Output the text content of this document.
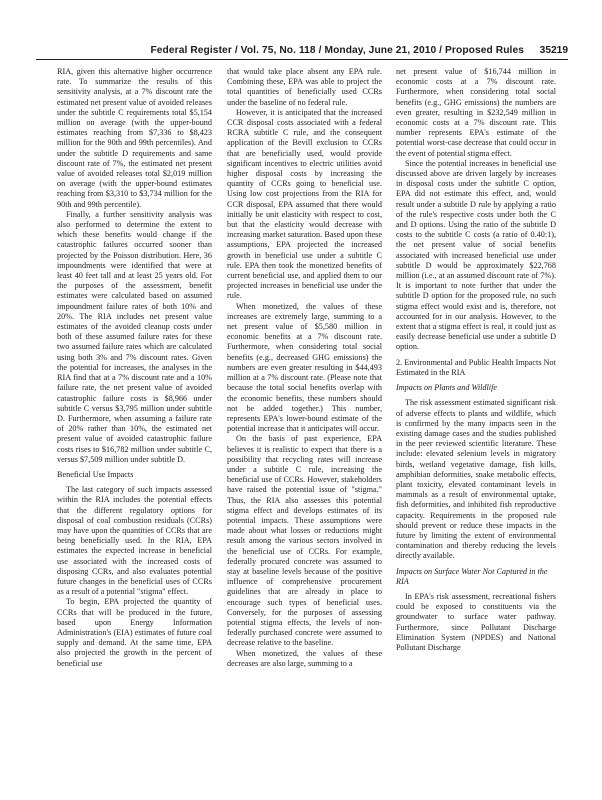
Federal Register / Vol. 75, No. 118 / Monday, June 21, 2010 / Proposed Rules 35219

RIA, given this alternative higher occurrence rate. To summarize the results of this sensitivity analysis, at a 7% discount rate the estimated net present value of avoided releases under the subtitle C requirements total $5,154 million on average (with the upper-bound estimates reaching from $7,336 to $8,423 million for the 90th and 99th percentiles). And under the subtitle D requirements and same discount rate of 7%, the estimated net present value of avoided releases total $2,019 million on average (with the upper-bound estimates reaching from $3,310 to $3,734 million for the 90th and 99th percentile).

Finally, a further sensitivity analysis was also performed to determine the extent to which these benefits would change if the catastrophic failures occurred sooner than projected by the Poisson distribution. Here, 36 impoundments were identified that were at least 40 feet tall and at least 25 years old. For the purposes of the assessment, benefit estimates were calculated based on assumed impoundment failure rates of both 10% and 20%. The RIA includes net present value estimates of the avoided cleanup costs under both of these assumed failure rates for these two assumed failure rates which are calculated using both 3% and 7% discount rates. Given the potential for increases, the analyses in the RIA find that at a 7% discount rate and a 10% failure rate, the net present value of avoided catastrophic failure costs is $8,966 under subtitle C versus $3,795 million under subtitle D. Furthermore, when assuming a failure rate of 20% rather than 10%, the estimated net present value of avoided catastrophic failure costs rises to $16,782 million under subtitle C, versus $7,509 million under subtitle D.

Beneficial Use Impacts

The last category of such impacts assessed within the RIA includes the potential effects that the different regulatory options for disposal of coal combustion residuals (CCRs) may have upon the quantities of CCRs that are being beneficially used. In the RIA, EPA estimates the expected increase in beneficial use associated with the increased costs of disposing CCRs, and also evaluates potential future changes in the beneficial uses of CCRs as a result of a potential "stigma" effect.

To begin, EPA projected the quantity of CCRs that will be produced in the future, based upon Energy Information Administration's (EIA) estimates of future coal supply and demand. At the same time, EPA also projected the growth in the percent of beneficial use

that would take place absent any EPA rule. Combining these, EPA was able to project the total quantities of beneficially used CCRs under the baseline of no federal rule.

However, it is anticipated that the increased CCR disposal costs associated with a federal RCRA subtitle C rule, and the consequent application of the Bevill exclusion to CCRs that are beneficially used, would provide significant incentives to electric utilities avoid higher disposal costs by increasing the quantity of CCRs going to beneficial use. Using low cost projections from the RIA for CCR disposal, EPA assumed that there would initially be unit elasticity with respect to cost, but that the elasticity would decrease with increasing market saturation. Based upon these assumptions, EPA projected the increased growth in beneficial use under a subtitle C rule. EPA then took the monetized benefits of current beneficial use, and applied them to our projected increases in beneficial use under the rule.

When monetized, the values of these increases are extremely large, summing to a net present value of $5,580 million in economic benefits at a 7% discount rate. Furthermore, when considering total social benefits (e.g., decreased GHG emissions) the numbers are even greater resulting in $44,493 million at a 7% discount rate. (Please note that because the total social benefits overlap with the economic benefits, these numbers should not be added together.) This number, represents EPA's lower-bound estimate of the potential increase that it anticipates will occur.

On the basis of past experience, EPA believes it is realistic to expect that there is a possibility that recycling rates will increase under a subtitle C rule, increasing the beneficial use of CCRs. However, stakeholders have raised the potential issue of "stigma." Thus, the RIA also assesses this potential stigma effect and develops estimates of its potential impacts. These assumptions were made about what losses or reductions might result among the various sectors involved in the beneficial use of CCRs. For example, federally procured concrete was assumed to stay at baseline levels because of the positive influence of comprehensive procurement guidelines that are already in place to encourage such types of beneficial uses. Conversely, for the purposes of assessing potential stigma effects, the levels of non-federally purchased concrete were assumed to decrease relative to the baseline.

When monetized, the values of these decreases are also large, summing to a

net present value of $16,744 million in economic costs at a 7% discount rate. Furthermore, when considering total social benefits (e.g., GHG emissions) the numbers are even greater, resulting in $232,549 million in economic costs at a 7% discount rate. This number represents EPA's estimate of the potential worst-case decrease that could occur in the event of potential stigma effect.

Since the potential increases in beneficial use discussed above are driven largely by increases in disposal costs under the subtitle C option, EPA did not estimate this effect, and, would result under a subtitle D rule by applying a ratio of the rule's respective costs under both the C and D options. Using the ratio of the subtitle D costs to the subtitle C costs (a ratio of 0.40:1), the net present value of social benefits associated with increased beneficial use under subtitle D would be approximately $22,768 million (i.e., at an assumed discount rate of 7%). It is important to note further that under the subtitle D option for the proposed rule, no such stigma effect would exist and is, therefore, not accounted for in our analysis. However, to the extent that a stigma effect is real, it could just as easily decrease beneficial use under a subtitle D option.

2. Environmental and Public Health Impacts Not Estimated in the RIA

Impacts on Plants and Wildlife

The risk assessment estimated significant risk of adverse effects to plants and wildlife, which is confirmed by the many impacts seen in the existing damage cases and the studies published in the peer reviewed scientific literature. These include: elevated selenium levels in migratory birds, wetland vegetative damage, fish kills, amphibian deformities, snake metabolic effects, plant toxicity, elevated contaminant levels in mammals as a result of environmental uptake, fish deformities, and inhibited fish reproductive capacity. Requirements in the proposed rule should prevent or reduce these impacts in the future by limiting the extent of environmental contamination and thereby reducing the levels directly available.

Impacts on Surface Water Not Captured in the RIA

In EPA's risk assessment, recreational fishers could be exposed to constituents via the groundwater to surface water pathway. Furthermore, since Pollutant Discharge Elimination System (NPDES) and National Pollutant Discharge
